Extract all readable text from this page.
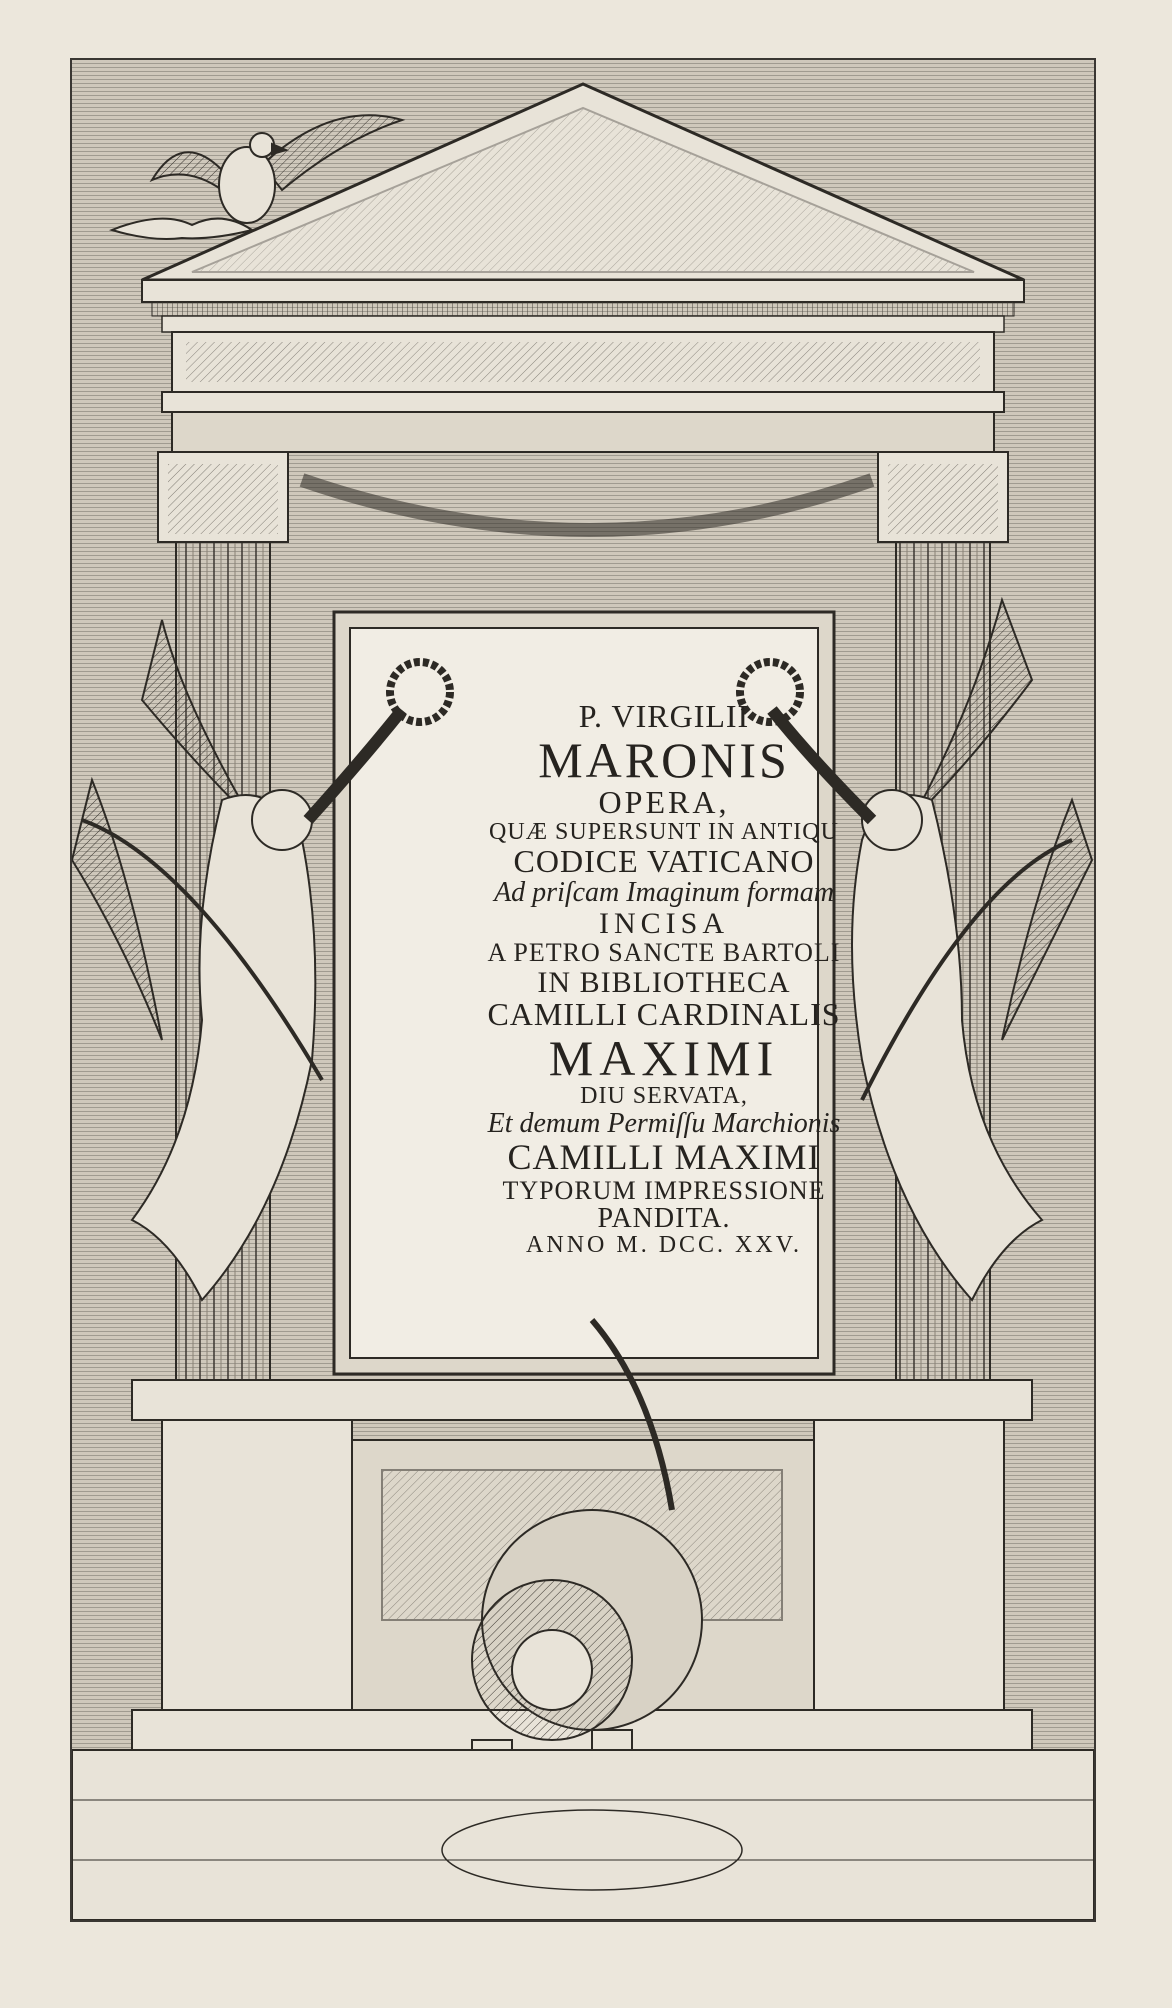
P. VIRGILII
MARONIS
OPERA,
QUÆ SUPERSUNT IN ANTIQU
CODICE VATICANO
Ad priſcam Imaginum formam
INCISA
A PETRO SANCTE BARTOLI
IN BIBLIOTHECA
CAMILLI CARDINALIS
MAXIMI
DIU SERVATA,
Et demum Permiſſu Marchionis
CAMILLI MAXIMI
TYPORUM IMPRESSIONE
PANDITA.
ANNO M. DCC. XXV.
